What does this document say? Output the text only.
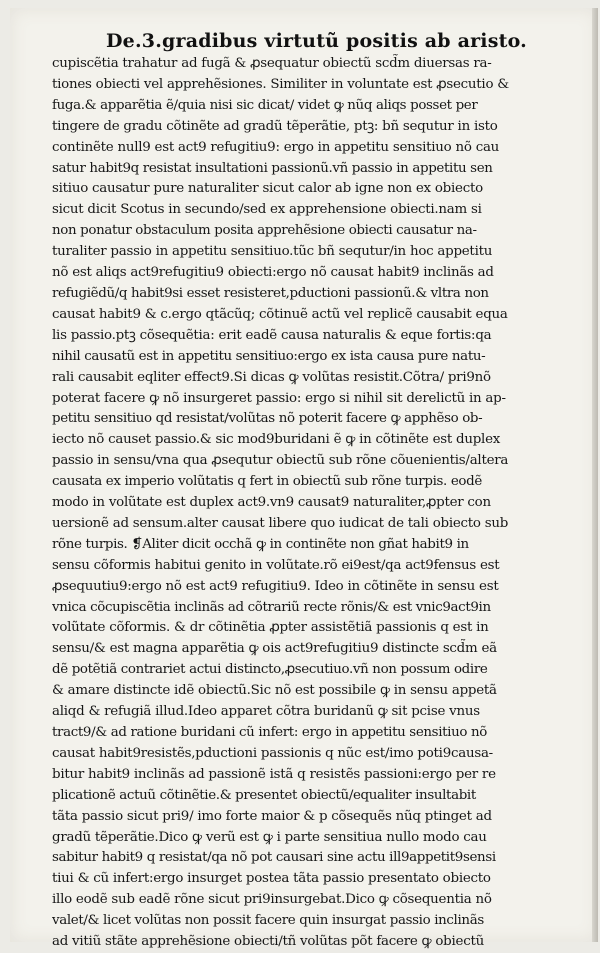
De.3.gradibus virtutũ positis ab aristo.
cupiscẽtia trahatur ad fugã & ꝓsequatur obiectũ scd̃m diuersas ra-
tiones obiecti vel apprehẽsiones. Similiter in voluntate est ꝓsecutio &
fuga.& apparẽtia ẽ/quia nisi sic dicat/ videt ꝙ nũq aliqs posset per
tingere de gradu cõtinẽte ad gradũ tẽperãtie, ptꝫ: bñ sequtur in isto
continẽte null9 est act9 refugitiu9: ergo in appetitu sensitiuo nõ cau
satur habit9q resistat insultationi passionũ.vñ passio in appetitu sen
sitiuo causatur pure naturaliter sicut calor ab igne non ex obiecto
sicut dicit Scotus in secundo/sed ex apprehensione obiecti.nam si
non ponatur obstaculum posita apprehẽsione obiecti causatur na-
turaliter passio in appetitu sensitiuo.tũc bñ sequtur/in hoc appetitu
nõ est aliqs act9refugitiu9 obiecti:ergo nõ causat habit9 inclinãs ad
refugiẽdũ/q habit9si esset resisteret,pductioni passionũ.& vltra non
causat habit9 & c.ergo qtãcũq; cõtinuẽ actũ vel replicẽ causabit equa
lis passio.ptꝫ cõsequẽtia: erit eadẽ causa naturalis & eque fortis:qa
nihil causatũ est in appetitu sensitiuo:ergo ex ista causa pure natu-
rali causabit eqliter effect9.Si dicas ꝙ volũtas resistit.Cõtra/ pri9nõ
poterat facere ꝙ nõ insurgeret passio: ergo si nihil sit derelictũ in ap-
petitu sensitiuo qd resistat/volũtas nõ poterit facere ꝙ apphẽso ob-
iecto nõ causet passio.& sic mod9buridani ẽ ꝙ in cõtinẽte est duplex
passio in sensu/vna qua ꝓsequtur obiectũ sub rõne cõuenientis/altera
causata ex imperio volũtatis q fert in obiectũ sub rõne turpis. eodẽ
modo in volũtate est duplex act9.vn9 causat9 naturaliter,ꝓpter con
uersionẽ ad sensum.alter causat libere quo iudicat de tali obiecto sub
rõne turpis. ❡Aliter dicit occhã ꝙ in continẽte non gñat habit9 in
sensu cõformis habitui genito in volũtate.rõ ei9est/qa act9fensus est
ꝓsequutiu9:ergo nõ est act9 refugitiu9. Ideo in cõtinẽte in sensu est
vnica cõcupiscẽtia inclinãs ad cõtrariũ recte rõnis/& est vnic9act9in
volũtate cõformis. & dr cõtinẽtia ꝓpter assistẽtiã passionis q est in
sensu/& est magna apparẽtia ꝙ ois act9refugitiu9 distincte scd̃m eã
dẽ potẽtiã contrariet actui distincto,ꝓsecutiuo.vñ non possum odire
& amare distincte idẽ obiectũ.Sic nõ est possibile ꝙ in sensu appetã
aliqd & refugiã illud.Ideo apparet cõtra buridanũ ꝙ sit pcise vnus
tract9/& ad ratione buridani cũ infert: ergo in appetitu sensitiuo nõ
causat habit9resistẽs,pductioni passionis q nũc est/imo poti9causa-
bitur habit9 inclinãs ad passionẽ istã q resistẽs passioni:ergo per re
plicationẽ actuũ cõtinẽtie.& presentet obiectũ/equaliter insultabit
tãta passio sicut pri9/ imo forte maior & p cõsequẽs nũq ptinget ad
gradũ tẽperãtie.Dico ꝙ verũ est ꝙ i parte sensitiua nullo modo cau
sabitur habit9 q resistat/qa nõ pot causari sine actu ill9appetit9sensi
tiui & cũ infert:ergo insurget postea tãta passio presentato obiecto
illo eodẽ sub eadẽ rõne sicut pri9insurgebat.Dico ꝙ cõsequentia nõ
valet/& licet volũtas non possit facere quin insurgat passio inclinãs
ad vitiũ stãte apprehẽsione obiecti/tñ volũtas põt facere ꝙ obiectũ
